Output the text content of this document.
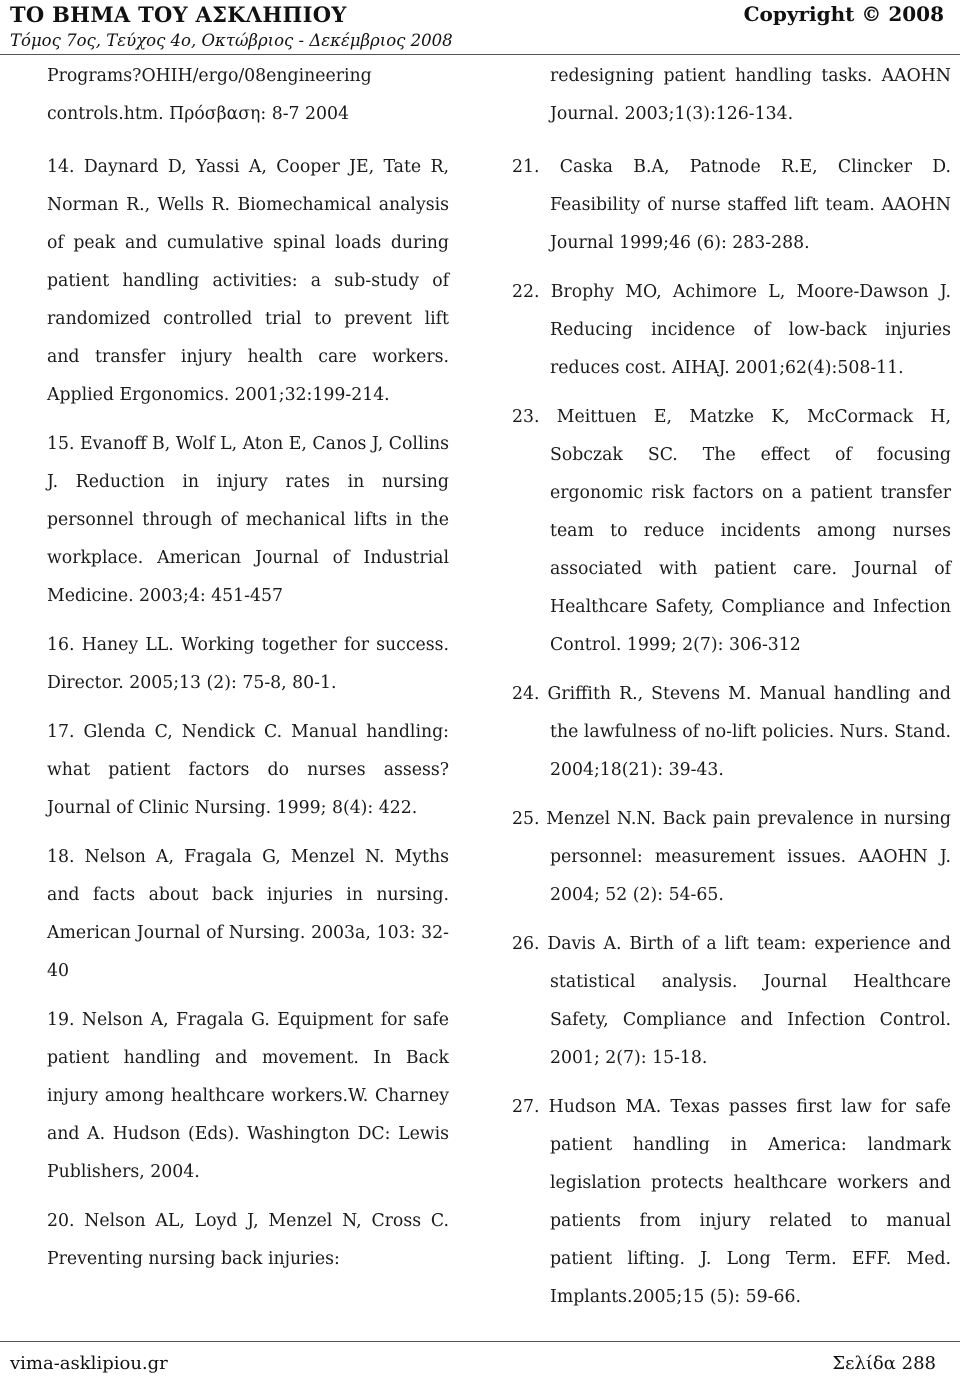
ΤΟ ΒΗΜΑ ΤΟΥ ΑΣΚΛΗΠΙΟΥ	Copyright © 2008
Τόμος 7ος, Τεύχος 4ο, Οκτώβριος - Δεκέμβριος 2008

Programs?OHIH/ergo/08engineering controls.htm. Πρόσβαση: 8-7 2004

14. Daynard D, Yassi A, Cooper JE, Tate R, Norman R., Wells R. Biomechamical analysis of peak and cumulative spinal loads during patient handling activities: a sub-study of randomized controlled trial to prevent lift and transfer injury health care workers. Applied Ergonomics. 2001;32:199-214.

15. Evanoff B, Wolf L, Aton E, Canos J, Collins J. Reduction in injury rates in nursing personnel through of mechanical lifts in the workplace. American Journal of Industrial Medicine. 2003;4: 451-457

16. Haney LL. Working together for success. Director. 2005;13 (2): 75-8, 80-1.

17. Glenda C, Nendick C. Manual handling: what patient factors do nurses assess? Journal of Clinic Nursing. 1999; 8(4): 422.

18. Nelson A, Fragala G, Menzel N. Myths and facts about back injuries in nursing. American Journal of Nursing. 2003a, 103: 32-40

19. Nelson A, Fragala G. Equipment for safe patient handling and movement. In Back injury among healthcare workers.W. Charney and A. Hudson (Eds). Washington DC: Lewis Publishers, 2004.

20. Nelson AL, Loyd J, Menzel N, Cross C. Preventing nursing back injuries:

redesigning patient handling tasks. AAOHN Journal. 2003;1(3):126-134.

21. Caska B.A, Patnode R.E, Clincker D. Feasibility of nurse staffed lift team. AAOHN Journal 1999;46 (6): 283-288.

22. Brophy MO, Achimore L, Moore-Dawson J. Reducing incidence of low-back injuries reduces cost. AIHAJ. 2001;62(4):508-11.

23. Meittuen E, Matzke K, McCormack H, Sobczak SC. The effect of focusing ergonomic risk factors on a patient transfer team to reduce incidents among nurses associated with patient care. Journal of Healthcare Safety, Compliance and Infection Control. 1999; 2(7): 306-312

24. Griffith R., Stevens M. Manual handling and the lawfulness of no-lift policies. Nurs. Stand. 2004;18(21): 39-43.

25. Menzel N.N. Back pain prevalence in nursing personnel: measurement issues. AAOHN J. 2004; 52 (2): 54-65.

26. Davis A. Birth of a lift team: experience and statistical analysis. Journal Healthcare Safety, Compliance and Infection Control. 2001; 2(7): 15-18.

27. Hudson MA. Texas passes first law for safe patient handling in America: landmark legislation protects healthcare workers and patients from injury related to manual patient lifting. J. Long Term. EFF. Med. Implants.2005;15 (5): 59-66.

vima-asklipiou.gr	Σελίδα 288
